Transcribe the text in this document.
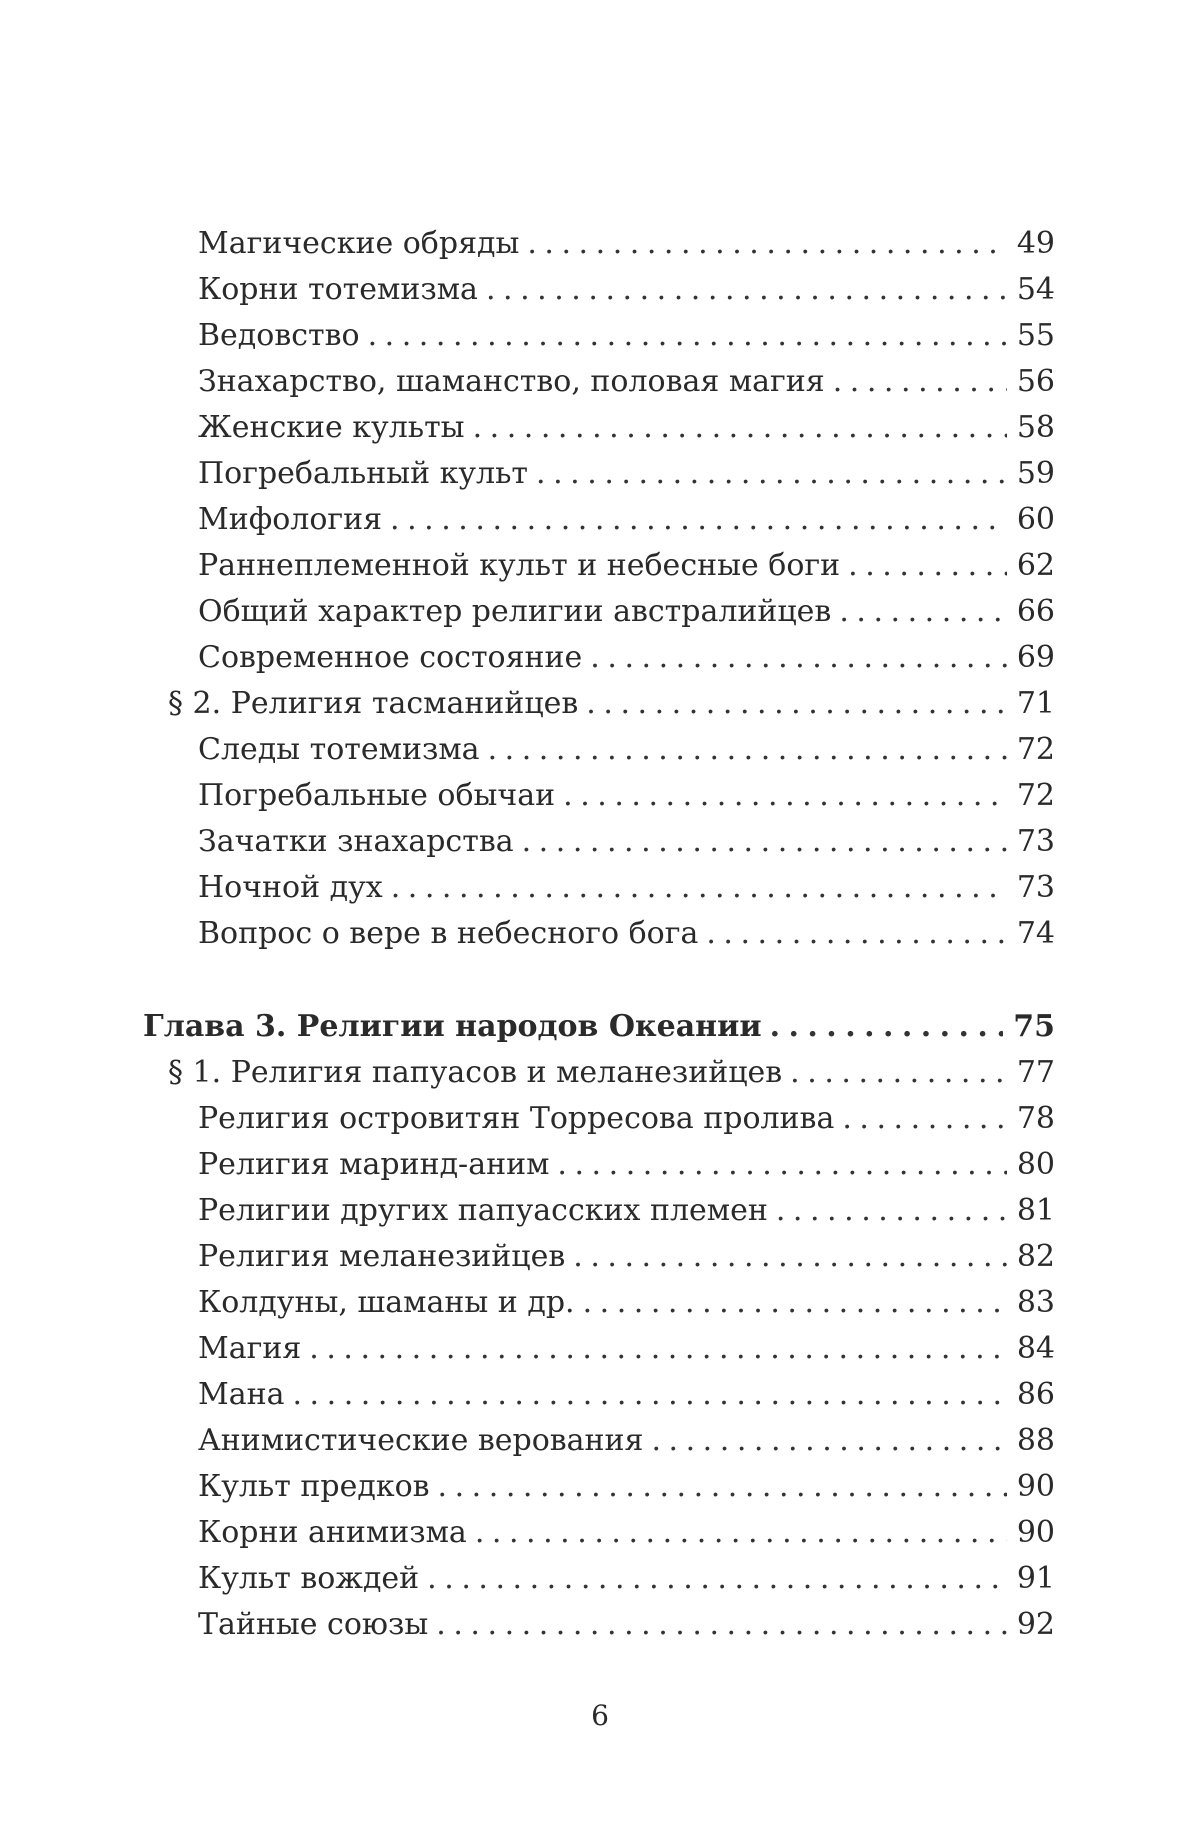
Магические обряды . . .	49
Корни тотемизма . . .	54
Ведовство . . .	55
Знахарство, шаманство, половая магия . . .	56
Женские культы . . .	58
Погребальный культ . . .	59
Мифология . . .	60
Раннеплеменной культ и небесные боги . . .	62
Общий характер религии австралийцев . . .	66
Современное состояние . . .	69
§ 2. Религия тасманийцев . . .	71
Следы тотемизма . . .	72
Погребальные обычаи . . .	72
Зачатки знахарства . . .	73
Ночной дух . . .	73
Вопрос о вере в небесного бога . . .	74
Глава 3. Религии народов Океании . . .	75
§ 1. Религия папуасов и меланезийцев . . .	77
Религия островитян Торресова пролива . . .	78
Религия маринд-аним . . .	80
Религии других папуасских племен . . .	81
Религия меланезийцев . . .	82
Колдуны, шаманы и др. . . .	83
Магия . . .	84
Мана . . .	86
Анимистические верования . . .	88
Культ предков . . .	90
Корни анимизма . . .	90
Культ вождей . . .	91
Тайные союзы . . .	92
6
